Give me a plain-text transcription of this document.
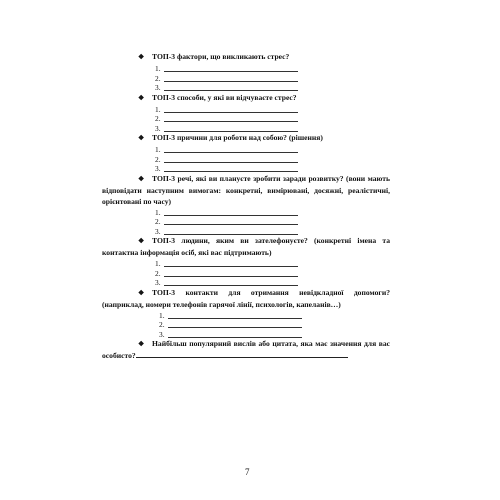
❖ ТОП-3 фактори, що викликають стрес?

1.
2.
3.

❖ ТОП-3 способи, у які ви відчуваєте стрес?

1.
2.
3.

❖ ТОП-3 причини для роботи над собою? (рішення)

1.
2.
3.

❖ ТОП-3 речі, які ви плануєте зробити заради розвитку? (вони мають відповідати наступним вимогам: конкретні, вимірювані, досяжні, реалістичні, орієнтовані по часу)

1.
2.
3.

❖ ТОП-3 людини, яким ви зателефонуєте? (конкретні імена та контактна інформація осіб, які вас підтримають)

1.
2.
3.

❖ ТОП-3 контакти для отримання невідкладної допомоги? (наприклад, номери телефонів гарячої лінії, психологів, капеланів…)

1.
2.
3.

❖ Найбільш популярний вислів або цитата, яка має значення для вас особисто?

7
